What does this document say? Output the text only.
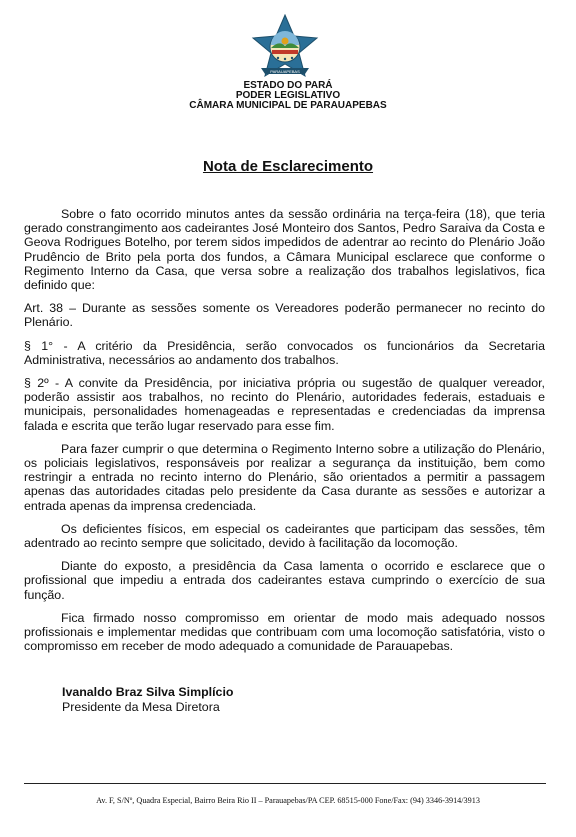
PARAUAPEBAS
ESTADO DO PARÁ
PODER LEGISLATIVO
CÂMARA MUNICIPAL DE PARAUAPEBAS
Nota de Esclarecimento

Sobre o fato ocorrido minutos antes da sessão ordinária na terça-feira (18), que teria gerado constrangimento aos cadeirantes José Monteiro dos Santos, Pedro Saraiva da Costa e Geova Rodrigues Botelho, por terem sidos impedidos de adentrar ao recinto do Plenário João Prudêncio de Brito pela porta dos fundos, a Câmara Municipal esclarece que conforme o Regimento Interno da Casa, que versa sobre a realização dos trabalhos legislativos, fica definido que:

Art. 38 – Durante as sessões somente os Vereadores poderão permanecer no recinto do Plenário.

§ 1° - A critério da Presidência, serão convocados os funcionários da Secretaria Administrativa, necessários ao andamento dos trabalhos.

§ 2º - A convite da Presidência, por iniciativa própria ou sugestão de qualquer vereador, poderão assistir aos trabalhos, no recinto do Plenário, autoridades federais, estaduais e municipais, personalidades homenageadas e representadas e credenciadas da imprensa falada e escrita que terão lugar reservado para esse fim.

Para fazer cumprir o que determina o Regimento Interno sobre a utilização do Plenário, os policiais legislativos, responsáveis por realizar a segurança da instituição, bem como restringir a entrada no recinto interno do Plenário, são orientados a permitir a passagem apenas das autoridades citadas pelo presidente da Casa durante as sessões e autorizar a entrada apenas da imprensa credenciada.

Os deficientes físicos, em especial os cadeirantes que participam das sessões, têm adentrado ao recinto sempre que solicitado, devido à facilitação da locomoção.

Diante do exposto, a presidência da Casa lamenta o ocorrido e esclarece que o profissional que impediu a entrada dos cadeirantes estava cumprindo o exercício de sua função.

Fica firmado nosso compromisso em orientar de modo mais adequado nossos profissionais e implementar medidas que contribuam com uma locomoção satisfatória, visto o compromisso em receber de modo adequado a comunidade de Parauapebas.

Ivanaldo Braz Silva Simplício
Presidente da Mesa Diretora
Av. F, S/Nº, Quadra Especial, Bairro Beira Rio II – Parauapebas/PA CEP. 68515-000 Fone/Fax: (94) 3346-3914/3913
